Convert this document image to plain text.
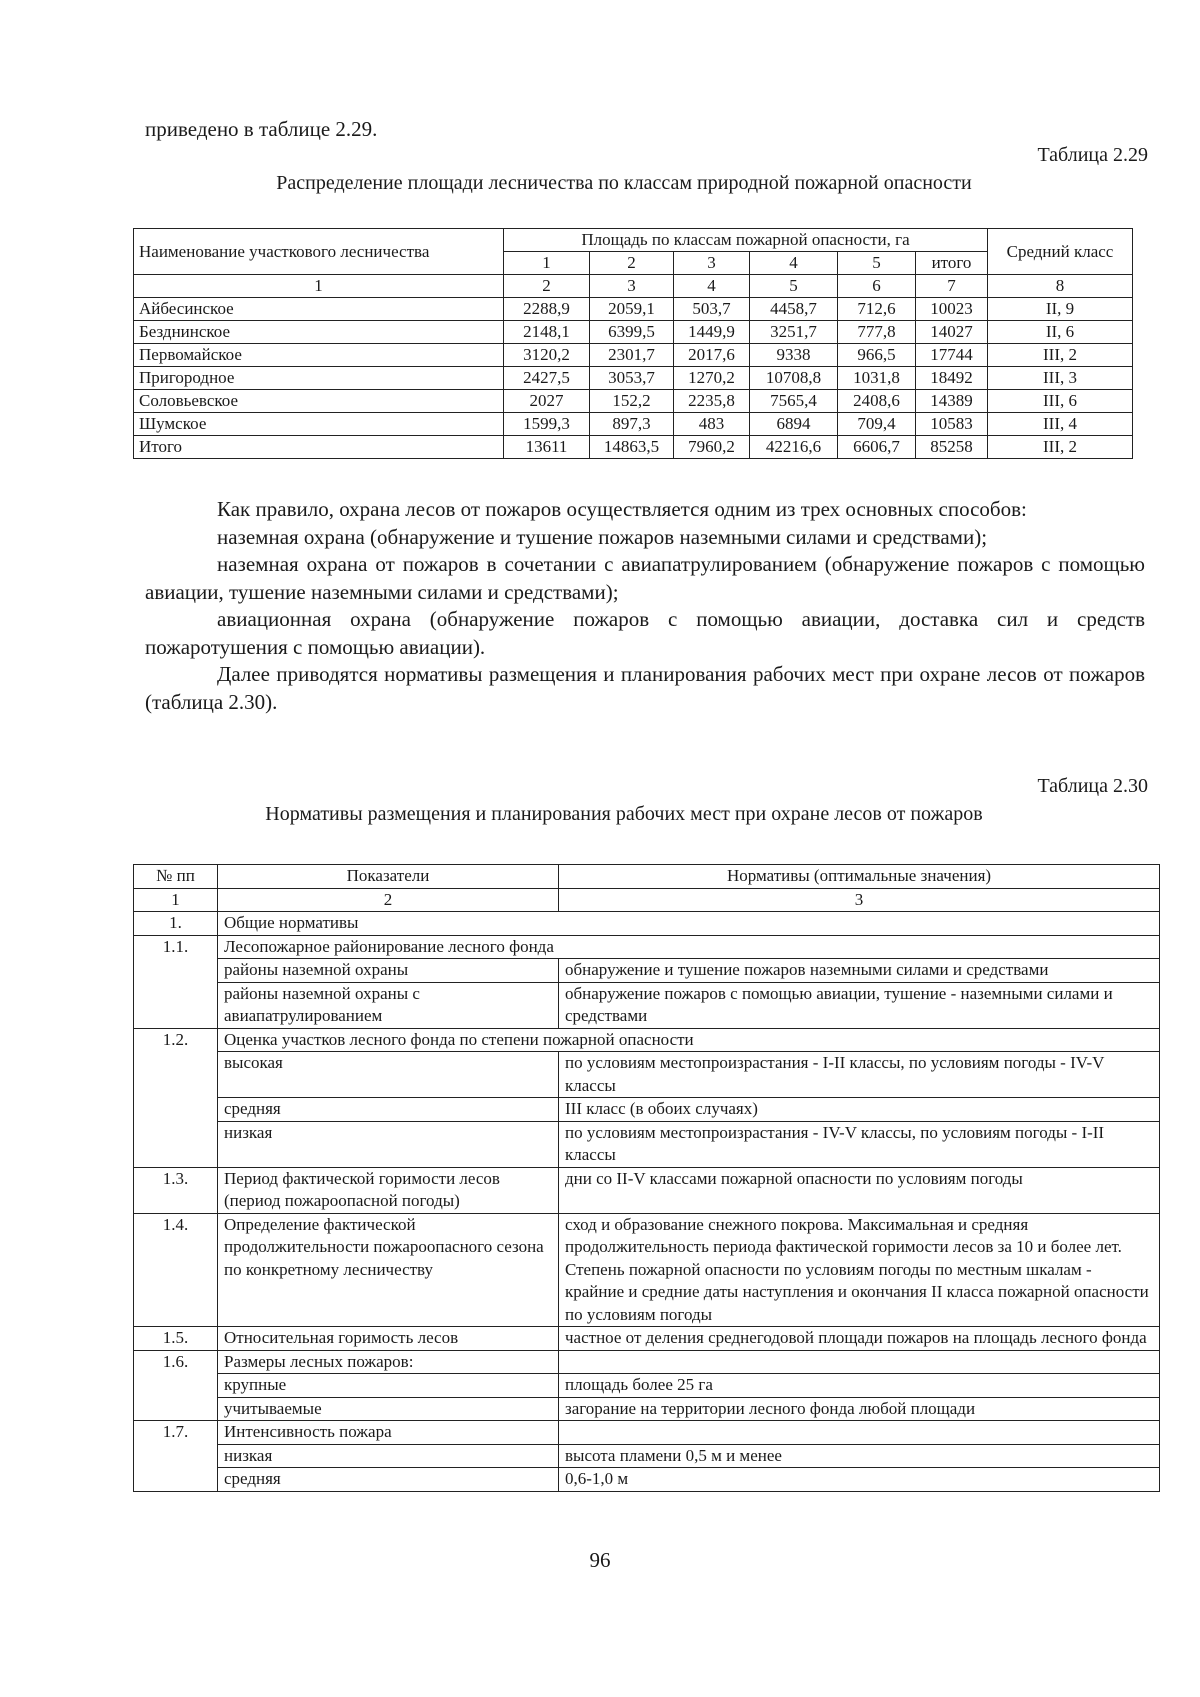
приведено в таблице 2.29.
Таблица 2.29
Распределение площади лесничества по классам природной пожарной опасности
Наименование участкового лесничества	Площадь по классам пожарной опасности, га						Средний класс
	1	2	3	4	5	итого	
1	2	3	4	5	6	7	8
Айбесинское	2288,9	2059,1	503,7	4458,7	712,6	10023	II, 9
Безднинское	2148,1	6399,5	1449,9	3251,7	777,8	14027	II, 6
Первомайское	3120,2	2301,7	2017,6	9338	966,5	17744	III, 2
Пригородное	2427,5	3053,7	1270,2	10708,8	1031,8	18492	III, 3
Соловьевское	2027	152,2	2235,8	7565,4	2408,6	14389	III, 6
Шумское	1599,3	897,3	483	6894	709,4	10583	III, 4
Итого	13611	14863,5	7960,2	42216,6	6606,7	85258	III, 2

Как правило, охрана лесов от пожаров осуществляется одним из трех основных способов:

наземная охрана (обнаружение и тушение пожаров наземными силами и средствами);

наземная охрана от пожаров в сочетании с авиапатрулированием (обнаружение пожаров с помощью авиации, тушение наземными силами и средствами);

авиационная охрана (обнаружение пожаров с помощью авиации, доставка сил и средств пожаротушения с помощью авиации).

Далее приводятся нормативы размещения и планирования рабочих мест при охране лесов от пожаров (таблица 2.30).

Таблица 2.30
Нормативы размещения и планирования рабочих мест при охране лесов от пожаров
№ пп	Показатели	Нормативы (оптимальные значения)
1	2	3
1.	Общие нормативы	
1.1.	Лесопожарное районирование лесного фонда	
	районы наземной охраны	обнаружение и тушение пожаров наземными силами и средствами
	районы наземной охраны с авиапатрулированием	обнаружение пожаров с помощью авиации, тушение - наземными силами и средствами
1.2.	Оценка участков лесного фонда по степени пожарной опасности	
	высокая	по условиям местопроизрастания - I-II классы, по условиям погоды - IV-V классы
	средняя	III класс (в обоих случаях)
	низкая	по условиям местопроизрастания - IV-V классы, по условиям погоды - I-II классы
1.3.	Период фактической горимости лесов (период пожароопасной погоды)	дни со II-V классами пожарной опасности по условиям погоды
1.4.	Определение фактической продолжительности пожароопасного сезона по конкретному лесничеству	сход и образование снежного покрова. Максимальная и средняя продолжительность периода фактической горимости лесов за 10 и более лет. Степень пожарной опасности по условиям погоды по местным шкалам - крайние и средние даты наступления и окончания II класса пожарной опасности по условиям погоды
1.5.	Относительная горимость лесов	частное от деления среднегодовой площади пожаров на площадь лесного фонда
1.6.	Размеры лесных пожаров:	
	крупные	площадь более 25 га
	учитываемые	загорание на территории лесного фонда любой площади
1.7.	Интенсивность пожара	
	низкая	высота пламени 0,5 м и менее
	средняя	0,6-1,0 м
96
